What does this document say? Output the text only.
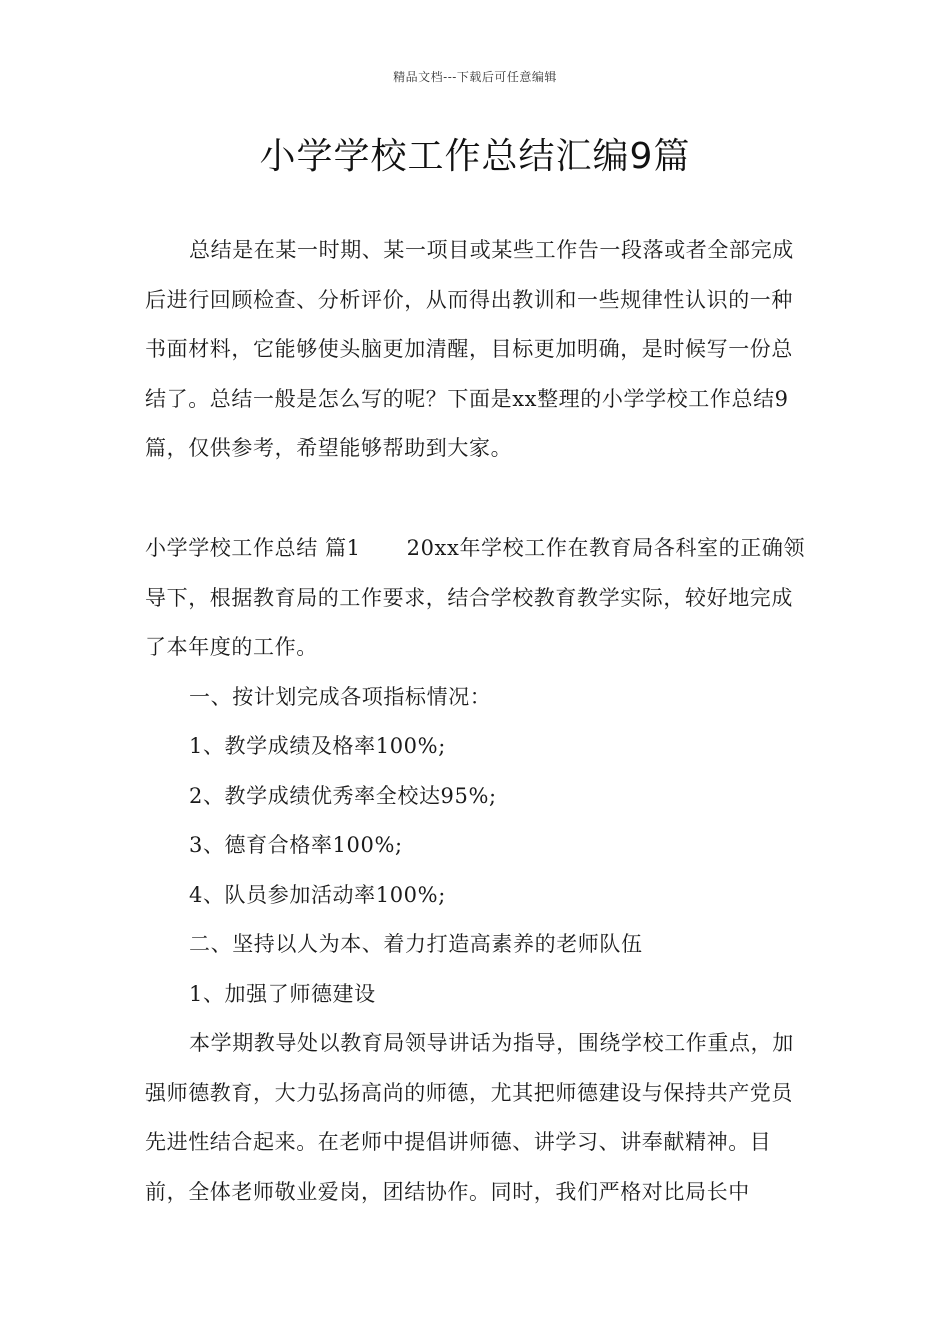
精品文档---下载后可任意编辑
小学学校工作总结汇编9篇

总结是在某一时期、某一项目或某些工作告一段落或者全部完成后进行回顾检查、分析评价，从而得出教训和一些规律性认识的一种书面材料，它能够使头脑更加清醒，目标更加明确，是时候写一份总结了。总结一般是怎么写的呢？下面是xx整理的小学学校工作总结9篇，仅供参考，希望能够帮助到大家。

小学学校工作总结 篇1 20xx年学校工作在教育局各科室的正确领导下，根据教育局的工作要求，结合学校教育教学实际，较好地完成了本年度的工作。

一、按计划完成各项指标情况：

1、教学成绩及格率100%;

2、教学成绩优秀率全校达95%;

3、德育合格率100%;

4、队员参加活动率100%;

二、坚持以人为本、着力打造高素养的老师队伍

1、加强了师德建设

本学期教导处以教育局领导讲话为指导，围绕学校工作重点，加强师德教育，大力弘扬高尚的师德，尤其把师德建设与保持共产党员先进性结合起来。在老师中提倡讲师德、讲学习、讲奉献精神。目前，全体老师敬业爱岗，团结协作。同时，我们严格对比局长中
